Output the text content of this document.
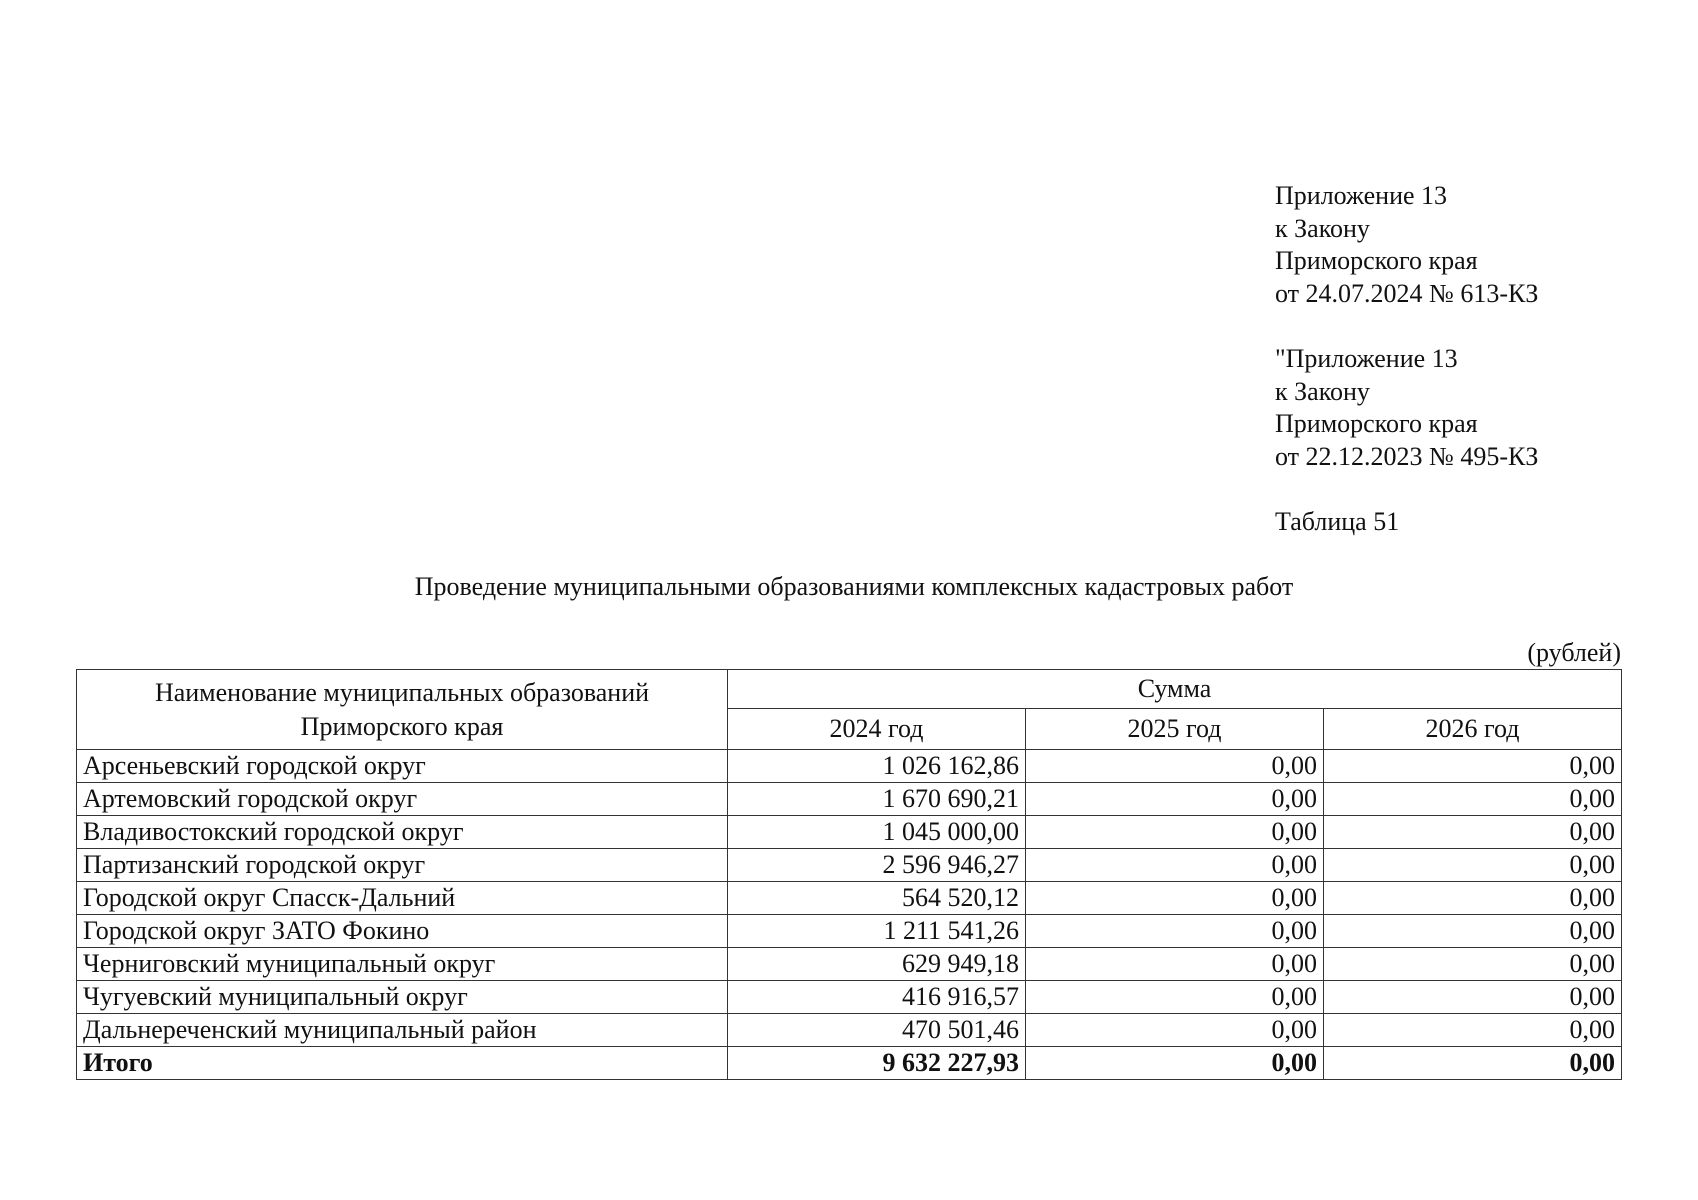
Приложение 13
к Закону
Приморского края
от 24.07.2024 № 613-КЗ
"Приложение 13
к Закону
Приморского края
от 22.12.2023 № 495-КЗ
Таблица 51
Проведение муниципальными образованиями комплексных кадастровых работ
(рублей)
Наименование муниципальных образований Приморского края	Сумма		
	2024 год	2025 год	2026 год
Арсеньевский городской округ	1 026 162,86	0,00	0,00
Артемовский городской округ	1 670 690,21	0,00	0,00
Владивостокский городской округ	1 045 000,00	0,00	0,00
Партизанский городской округ	2 596 946,27	0,00	0,00
Городской округ Спасск-Дальний	564 520,12	0,00	0,00
Городской округ ЗАТО Фокино	1 211 541,26	0,00	0,00
Черниговский муниципальный округ	629 949,18	0,00	0,00
Чугуевский муниципальный округ	416 916,57	0,00	0,00
Дальнереченский муниципальный район	470 501,46	0,00	0,00
Итого	9 632 227,93	0,00	0,00
